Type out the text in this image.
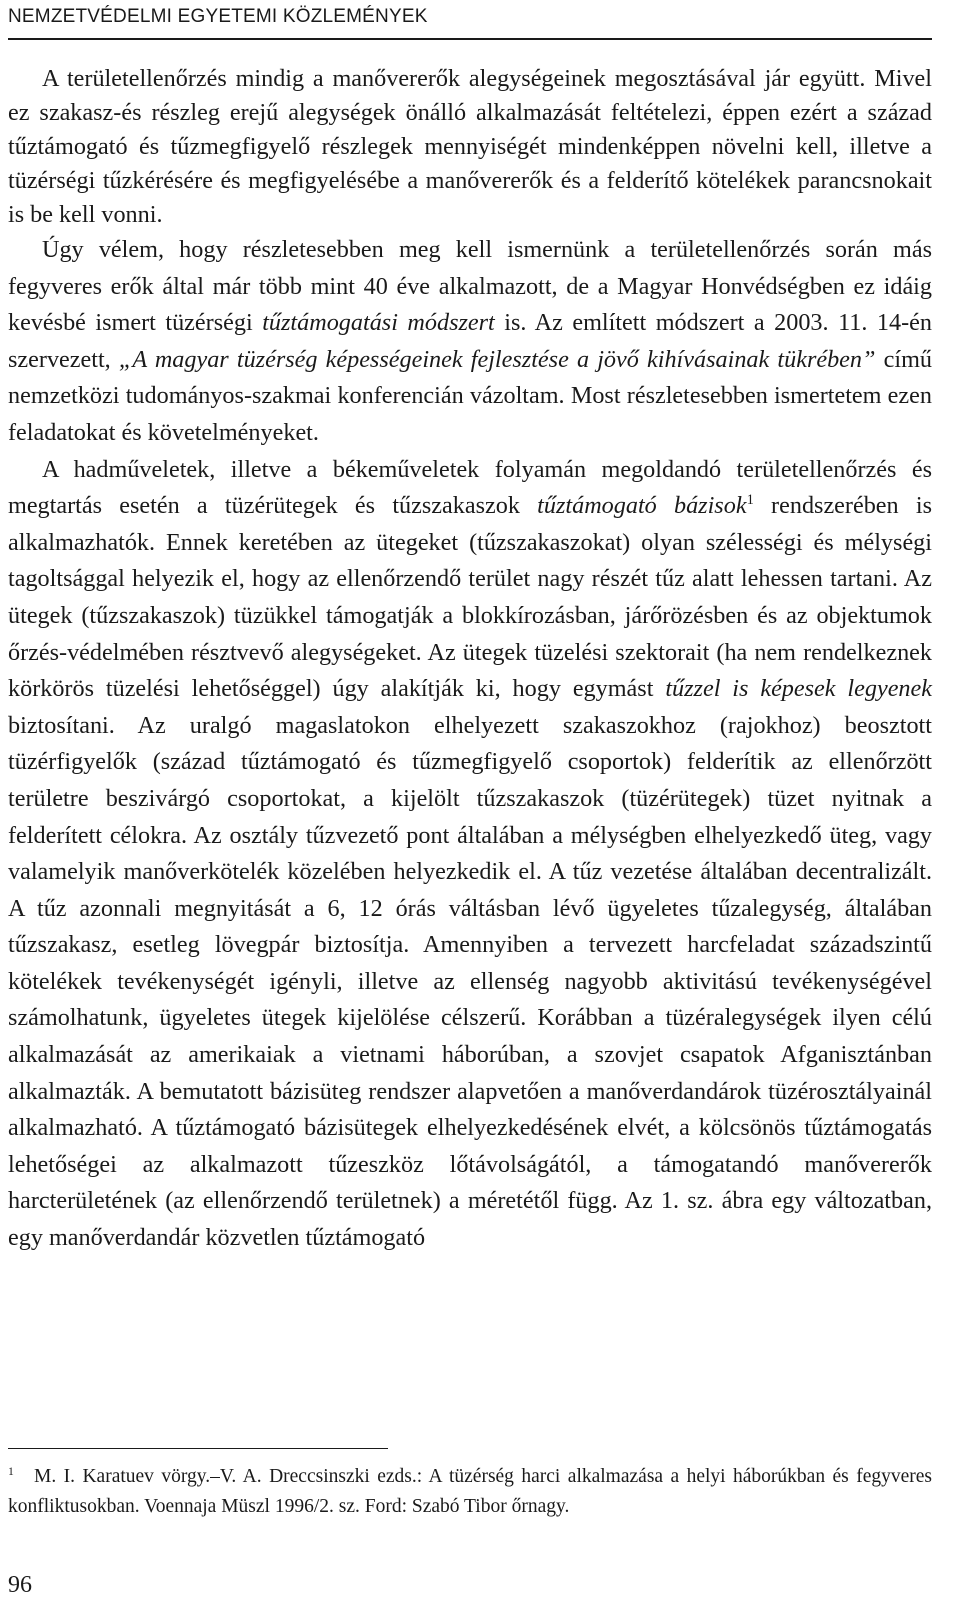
NEMZETVÉDELMI EGYETEMI KÖZLEMÉNYEK

A területellenőrzés mindig a manővererők alegységeinek megosztásával jár együtt. Mivel ez szakasz-és részleg erejű alegységek önálló alkalmazását feltételezi, éppen ezért a század tűztámogató és tűzmegfigyelő részlegek mennyiségét mindenképpen növelni kell, illetve a tüzérségi tűzkérésére és megfigyelésébe a manővererők és a felderítő kötelékek parancsnokait is be kell vonni.

Úgy vélem, hogy részletesebben meg kell ismernünk a területellenőrzés során más fegyveres erők által már több mint 40 éve alkalmazott, de a Magyar Honvédségben ez idáig kevésbé ismert tüzérségi tűztámogatási módszert is. Az említett módszert a 2003. 11. 14-én szervezett, „A magyar tüzérség képességeinek fejlesztése a jövő kihívásainak tükrében” című nemzetközi tudományos-szakmai konferencián vázoltam. Most részletesebben ismertetem ezen feladatokat és követelményeket.

A hadműveletek, illetve a békeműveletek folyamán megoldandó területellenőrzés és megtartás esetén a tüzérütegek és tűzszakaszok tűztámogató bázisok$^1$ rendszerében is alkalmazhatók. Ennek keretében az ütegeket (tűzszakaszokat) olyan szélességi és mélységi tagoltsággal helyezik el, hogy az ellenőrzendő terület nagy részét tűz alatt lehessen tartani. Az ütegek (tűzszakaszok) tüzükkel támogatják a blokkírozásban, járőrözésben és az objektumok őrzés-védelmében résztvevő alegységeket. Az ütegek tüzelési szektorait (ha nem rendelkeznek körkörös tüzelési lehetőséggel) úgy alakítják ki, hogy egymást tűzzel is képesek legyenek biztosítani. Az uralgó magaslatokon elhelyezett szakaszokhoz (rajokhoz) beosztott tüzérfigyelők (század tűztámogató és tűzmegfigyelő csoportok) felderítik az ellenőrzött területre beszivárgó csoportokat, a kijelölt tűzszakaszok (tüzérütegek) tüzet nyitnak a felderített célokra. Az osztály tűzvezető pont általában a mélységben elhelyezkedő üteg, vagy valamelyik manőverkötelék közelében helyezkedik el. A tűz vezetése általában decentralizált. A tűz azonnali megnyitását a 6, 12 órás váltásban lévő ügyeletes tűzalegység, általában tűzszakasz, esetleg lövegpár biztosítja. Amennyiben a tervezett harcfeladat századszintű kötelékek tevékenységét igényli, illetve az ellenség nagyobb aktivitású tevékenységével számolhatunk, ügyeletes ütegek kijelölése célszerű. Korábban a tüzéralegységek ilyen célú alkalmazását az amerikaiak a vietnami háborúban, a szovjet csapatok Afganisztánban alkalmazták. A bemutatott bázisüteg rendszer alapvetően a manőverdandárok tüzérosztályainál alkalmazható. A tűztámogató bázisütegek elhelyezkedésének elvét, a kölcsönös tűztámogatás lehetőségei az alkalmazott tűzeszköz lőtávolságától, a támogatandó manővererők harcterületének (az ellenőrzendő területnek) a méretétől függ. Az 1. sz. ábra egy változatban, egy manőverdandár közvetlen tűztámogató

$^1$ M. I. Karatuev vörgy.–V. A. Dreccsinszki ezds.: A tüzérség harci alkalmazása a helyi háborúkban és fegyveres konfliktusokban. Voennaja Müszl 1996/2. sz. Ford: Szabó Tibor őrnagy.
96
